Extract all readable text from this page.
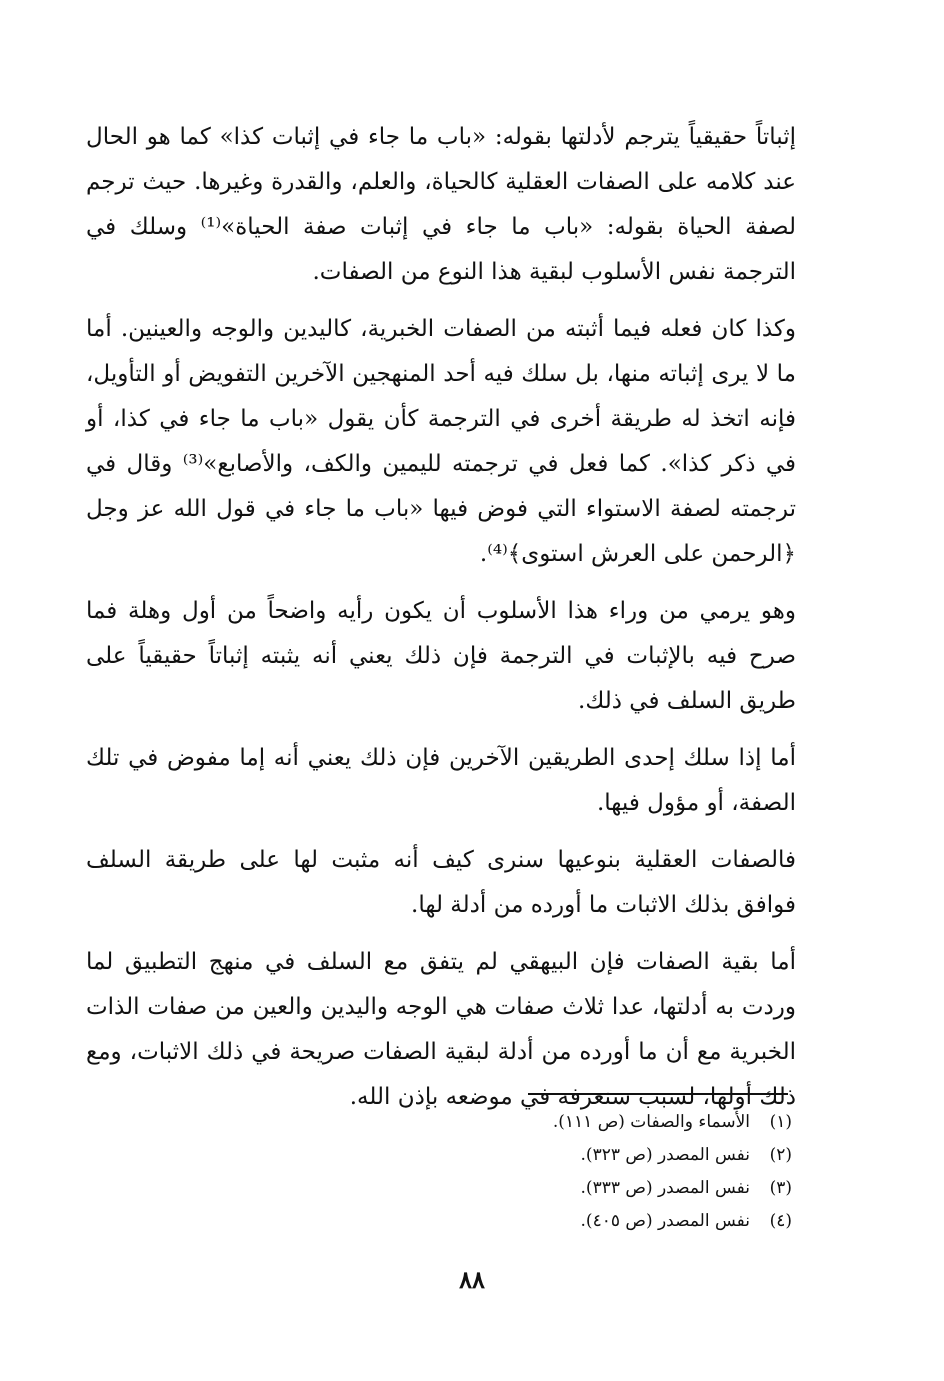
إثباتاً حقيقياً يترجم لأدلتها بقوله: «باب ما جاء في إثبات كذا» كما هو الحال عند كلامه على الصفات العقلية كالحياة، والعلم، والقدرة وغيرها. حيث ترجم لصفة الحياة بقوله: «باب ما جاء في إثبات صفة الحياة»⁽¹⁾ وسلك في الترجمة نفس الأسلوب لبقية هذا النوع من الصفات.

وكذا كان فعله فيما أثبته من الصفات الخبرية، كاليدين والوجه والعينين. أما ما لا يرى إثباته منها، بل سلك فيه أحد المنهجين الآخرين التفويض أو التأويل، فإنه اتخذ له طريقة أخرى في الترجمة كأن يقول «باب ما جاء في كذا، أو في ذكر كذا». كما فعل في ترجمته لليمين والكف، والأصابع»⁽³⁾ وقال في ترجمته لصفة الاستواء التي فوض فيها «باب ما جاء في قول الله عز وجل ﴿الرحمن على العرش استوى﴾⁽⁴⁾.

وهو يرمي من وراء هذا الأسلوب أن يكون رأيه واضحاً من أول وهلة فما صرح فيه بالإثبات في الترجمة فإن ذلك يعني أنه يثبته إثباتاً حقيقياً على طريق السلف في ذلك.

أما إذا سلك إحدى الطريقين الآخرين فإن ذلك يعني أنه إما مفوض في تلك الصفة، أو مؤول فيها.

فالصفات العقلية بنوعيها سنرى كيف أنه مثبت لها على طريقة السلف فوافق بذلك الاثبات ما أورده من أدلة لها.

أما بقية الصفات فإن البيهقي لم يتفق مع السلف في منهج التطبيق لما وردت به أدلتها، عدا ثلاث صفات هي الوجه واليدين والعين من صفات الذات الخبرية مع أن ما أورده من أدلة لبقية الصفات صريحة في ذلك الاثبات، ومع ذلك أولها، لسبب سنعرفه في موضعه بإذن الله.

(١)
الأسماء والصفات (ص ١١١).
(٢)
نفس المصدر (ص ٣٢٣).
(٣)
نفس المصدر (ص ٣٣٣).
(٤)
نفس المصدر (ص ٤٠٥).
٨٨
